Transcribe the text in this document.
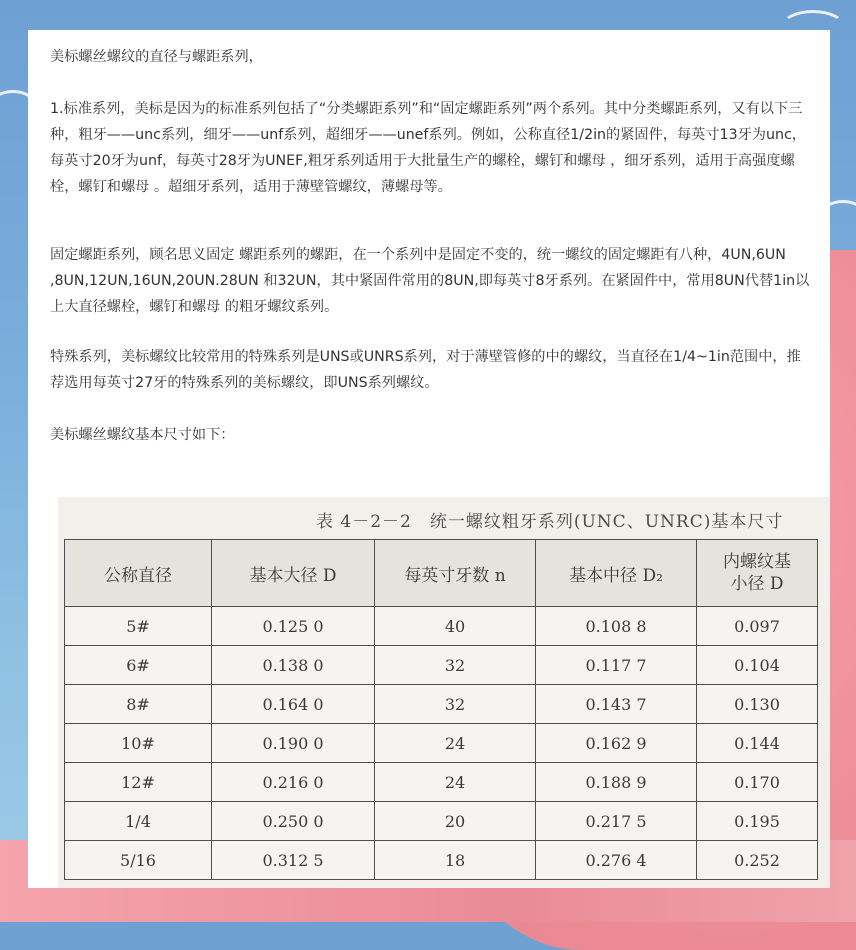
美标螺丝螺纹的直径与螺距系列，
1.标准系列，美标是因为的标准系列包括了“分类螺距系列”和“固定螺距系列”两个系列。其中分类螺距系列，又有以下三种，粗牙——unc系列，细牙——unf系列，超细牙——unef系列。例如，公称直径1/2in的紧固件，每英寸13牙为unc，每英寸20牙为unf，每英寸28牙为UNEF,粗牙系列适用于大批量生产的螺栓，螺钉和螺母 ，细牙系列，适用于高强度螺栓，螺钉和螺母 。超细牙系列，适用于薄壁管螺纹，薄螺母等。
固定螺距系列，顾名思义固定 螺距系列的螺距，在一个系列中是固定不变的，统一螺纹的固定螺距有八种，4UN,6UN ,8UN,12UN,16UN,20UN.28UN 和32UN，其中紧固件常用的8UN,即每英寸8牙系列。在紧固件中，常用8UN代替1in以上大直径螺栓，螺钉和螺母 的粗牙螺纹系列。
特殊系列，美标螺纹比较常用的特殊系列是UNS或UNRS系列，对于薄壁管修的中的螺纹，当直径在1/4~1in范围中，推荐选用每英寸27牙的特殊系列的美标螺纹，即UNS系列螺纹。
美标螺丝螺纹基本尺寸如下：
表 4－2－2　统一螺纹粗牙系列(UNC、UNRC)基本尺寸
公称直径	基本大径 D	每英寸牙数 n	基本中径 D₂	内螺纹基
小径 D

5#	0.125 0	40	0.108 8	0.097
6#	0.138 0	32	0.117 7	0.104
8#	0.164 0	32	0.143 7	0.130
10#	0.190 0	24	0.162 9	0.144
12#	0.216 0	24	0.188 9	0.170
1/4	0.250 0	20	0.217 5	0.195
5/16	0.312 5	18	0.276 4	0.252
